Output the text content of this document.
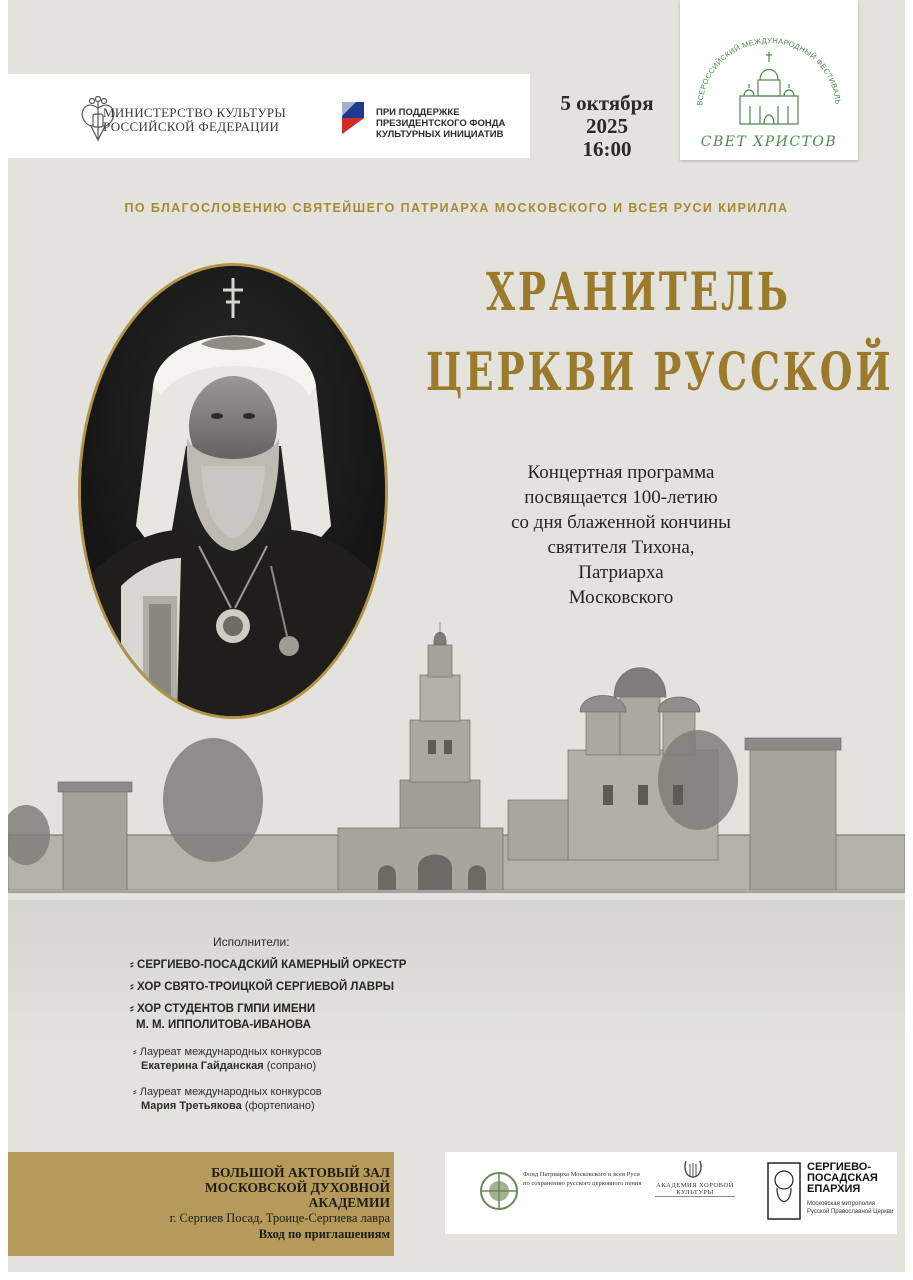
МИНИСТЕРСТВО КУЛЬТУРЫ
РОССИЙСКОЙ ФЕДЕРАЦИИ
ПРИ ПОДДЕРЖКЕ
ПРЕЗИДЕНТСКОГО ФОНДА
КУЛЬТУРНЫХ ИНИЦИАТИВ
5 октября
2025
16:00
ВСЕРОССИЙСКИЙ МЕЖДУНАРОДНЫЙ ФЕСТИВАЛЬ
СВЕТ ХРИСТОВ
ПО БЛАГОСЛОВЕНИЮ СВЯТЕЙШЕГО ПАТРИАРХА МОСКОВСКОГО И ВСЕЯ РУСИ КИРИЛЛА
ХРАНИТЕЛЬ
ЦЕРКВИ РУССКОЙ
Концертная программа
посвящается 100-летию
со дня блаженной кончины
святителя Тихона,
Патриарха
Московского
Исполнители:
⸗ СЕРГИЕВО-ПОСАДСКИЙ КАМЕРНЫЙ ОРКЕСТР
⸗ ХОР СВЯТО-ТРОИЦКОЙ СЕРГИЕВОЙ ЛАВРЫ
⸗ ХОР СТУДЕНТОВ ГМПИ ИМЕНИ
М. М. ИППОЛИТОВА-ИВАНОВА
⸗ Лауреат международных конкурсов
Екатерина Гайданская (сопрано)
⸗ Лауреат международных конкурсов
Мария Третьякова (фортепиано)
БОЛЬШОЙ АКТОВЫЙ ЗАЛ
МОСКОВСКОЙ ДУХОВНОЙ
АКАДЕМИИ
г. Сергиев Посад, Троице-Сергиева лавра
Вход по приглашениям
Фонд Патриарха Московского и всея Руси
по сохранению русского церковного пения	АКАДЕМИЯ ХОРОВОЙ КУЛЬТУРЫ
СЕРГИЕВО-
ПОСАДСКАЯ
ЕПАРХИЯ
Московская митрополия
Русской Православной Церкви
